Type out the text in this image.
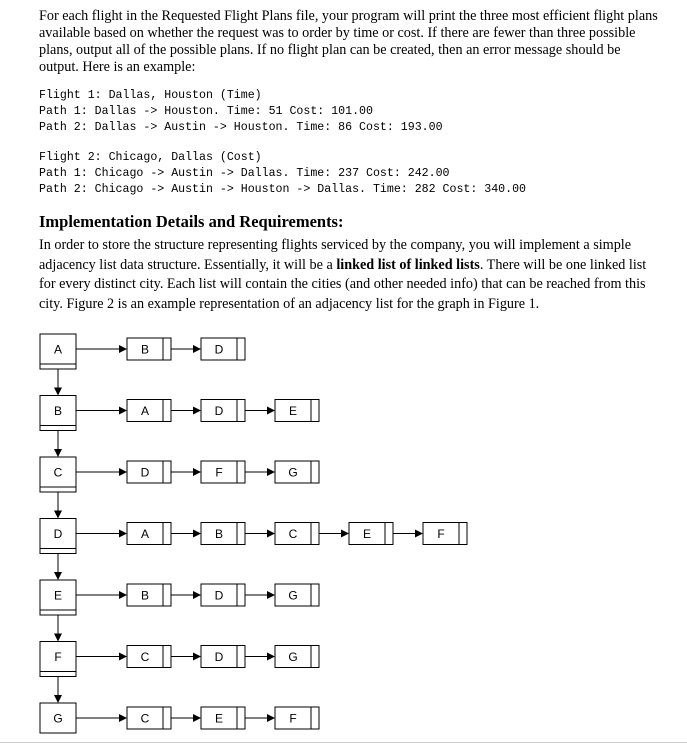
For each flight in the Requested Flight Plans file, your program will print the three most efficient flight plans available based on whether the request was to order by time or cost. If there are fewer than three possible plans, output all of the possible plans. If no flight plan can be created, then an error message should be output. Here is an example:

Flight 1: Dallas, Houston (Time)
Path 1: Dallas -> Houston. Time: 51 Cost: 101.00
Path 2: Dallas -> Austin -> Houston. Time: 86 Cost: 193.00
Flight 2: Chicago, Dallas (Cost)
Path 1: Chicago -> Austin -> Dallas. Time: 237 Cost: 242.00
Path 2: Chicago -> Austin -> Houston -> Dallas. Time: 282 Cost: 340.00
Implementation Details and Requirements:

In order to store the structure representing flights serviced by the company, you will implement a simple adjacency list data structure. Essentially, it will be a linked list of linked lists. There will be one linked list for every distinct city. Each list will contain the cities (and other needed info) that can be reached from this city. Figure 2 is an example representation of an adjacency list for the graph in Figure 1.

A	B	D
B	A	D	E
C	D	F	G
D	A	B	C	E	F
E	B	D	G
F	C	D	G
G	C	E	F
